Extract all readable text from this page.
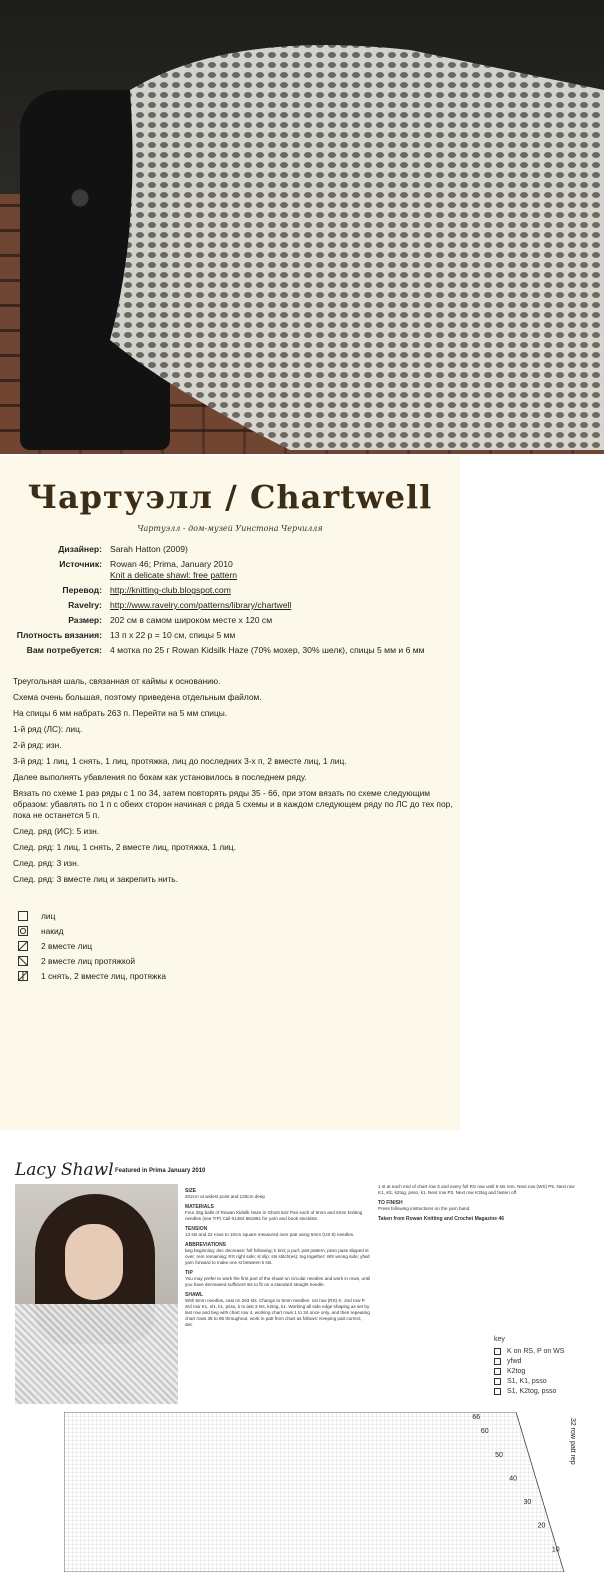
Чартуэлл / Chartwell
Чартуэлл - дом-музей Уинстона Черчилля
Дизайнер: Sarah Hatton (2009)
Источник: Rowan 46; Prima, January 2010
Knit a delicate shawl: free pattern
Перевод: http://knitting-club.blogspot.com
Ravelry: http://www.ravelry.com/patterns/library/chartwell
Размер: 202 см в самом широком месте х 120 см
Плотность вязания: 13 п х 22 р = 10 см, спицы 5 мм
Вам потребуется: 4 мотка по 25 г Rowan Kidsilk Haze (70% мохер, 30% шелк), спицы 5 мм и 6 мм

Треугольная шаль, связанная от каймы к основанию.

Схема очень большая, поэтому приведена отдельным файлом.

На спицы 6 мм набрать 263 п. Перейти на 5 мм спицы.

1-й ряд (ЛС): лиц.

2-й ряд: изн.

3-й ряд: 1 лиц, 1 снять, 1 лиц, протяжка, лиц до последних 3-х п, 2 вместе лиц, 1 лиц.

Далее выполнять убавления по бокам как установилось в последнем ряду.

Вязать по схеме 1 раз ряды с 1 по 34, затем повторять ряды 35 - 66, при этом вязать по схеме следующим образом: убавлять по 1 п с обеих сторон начиная с ряда 5 схемы и в каждом следующем ряду по ЛС до тех пор, пока не останется 5 п.

След. ряд (ИС): 5 изн.

След. ряд: 1 лиц, 1 снять, 2 вместе лиц, протяжка, 1 лиц.

След. ряд: 3 изн.

След. ряд: 3 вместе лиц и закрепить нить.

лиц
накид
2 вместе лиц
2 вместе лиц протяжкой
1 снять, 2 вместе лиц, протяжка
Lacy Shawl Featured in Prima January 2010
SIZE
202cm at widest point and 120cm deep
MATERIALS
Four 25g balls of Rowan Kidsilk Haze in Ghost 642 Pair each of 5mm and 6mm knitting needles (see TIP) Call 01484 681881 for yarn and book stockists.
TENSION
13 sts and 22 rows to 10cm square measured over patt using 5mm (US 8) needles.
ABBREVIATIONS
beg beginning; dec decrease; foll following; k knit; p purl; patt pattern; psso pass slipped st over; rem remaining; RS right side; sl slip; sts stitch(es); tog together; WS wrong side; yfwd yarn forward to make one st between k sts.
TIP
You may prefer to work the first part of the shawl on circular needles and work in rows, until you have decreased sufficient sts to fit on a standard straight needle.
SHAWL
With 6mm needles, cast on 263 sts. Change to 5mm needles. 1st row (RS) K. 2nd row P. 3rd row K1, sl1, k1, psso, k to last 3 sts, k2tog, k1. Working all side edge shaping as set by last row and beg with chart row 4, working chart rows 1 to 34 once only, and then repeating chart rows 35 to 66 throughout, work in patt from chart as follows: Keeping patt correct, dec
1 st at each end of chart row 5 and every foll RS row until 5 sts rem. Next row (WS) P5. Next row K1, sl1, k2tog, psso, k1. Next row P3. Next row K3tog and fasten off.
TO FINISH
Press following instructions on the yarn band.
Taken from Rowan Knitting and Crochet Magazine 46
key
K on RS, P on WS
yfwd
K2tog
S1, K1, psso
S1, K2tog, psso
66
60
50
40
30
20
10
32 row patt rep
